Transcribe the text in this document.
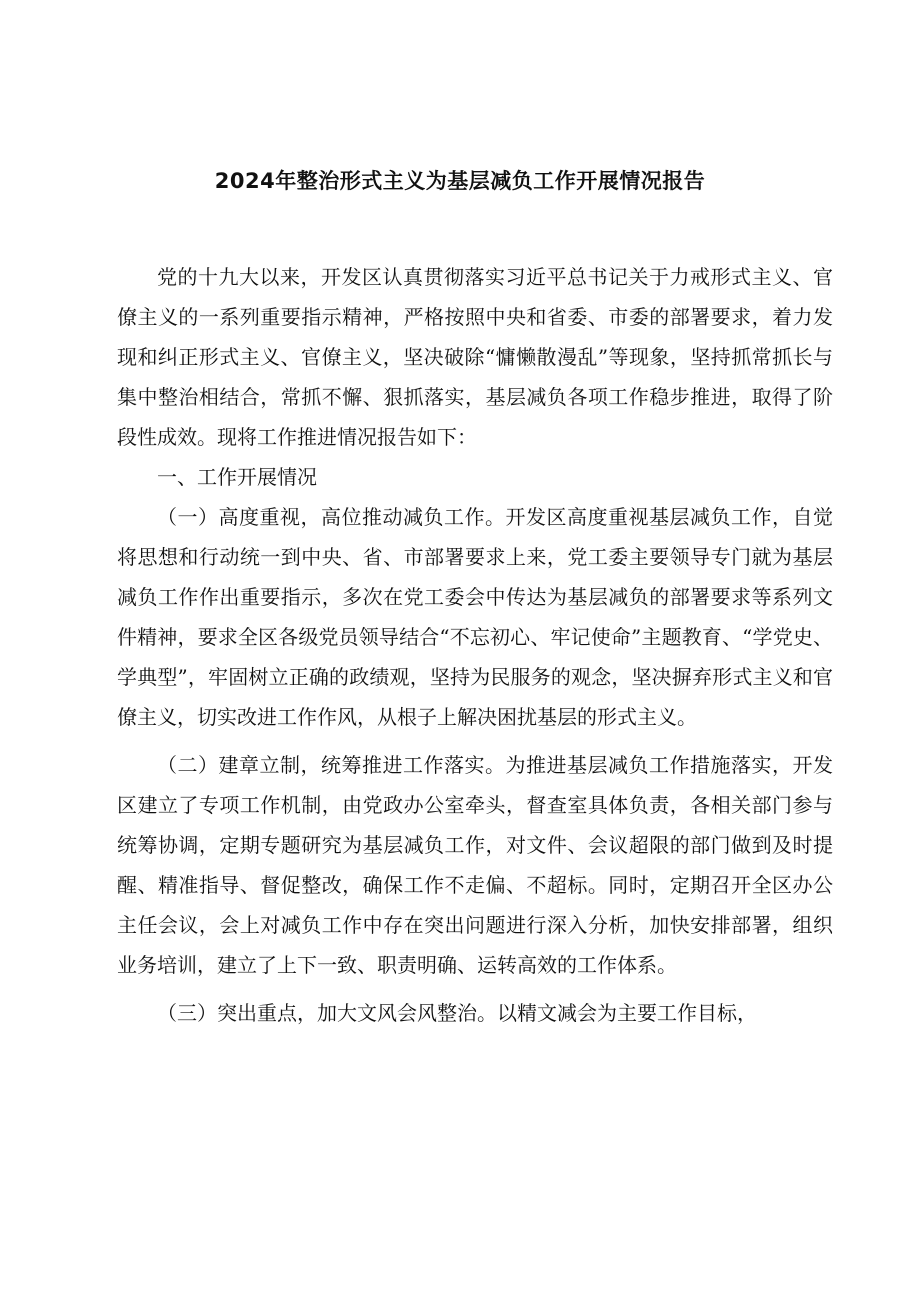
2024年整治形式主义为基层减负工作开展情况报告

党的十九大以来，开发区认真贯彻落实习近平总书记关于力戒形式主义、官僚主义的一系列重要指示精神，严格按照中央和省委、市委的部署要求，着力发现和纠正形式主义、官僚主义，坚决破除“慵懒散漫乱”等现象，坚持抓常抓长与集中整治相结合，常抓不懈、狠抓落实，基层减负各项工作稳步推进，取得了阶段性成效。现将工作推进情况报告如下：

一、工作开展情况

（一）高度重视，高位推动减负工作。开发区高度重视基层减负工作，自觉将思想和行动统一到中央、省、市部署要求上来，党工委主要领导专门就为基层减负工作作出重要指示，多次在党工委会中传达为基层减负的部署要求等系列文件精神，要求全区各级党员领导结合“不忘初心、牢记使命”主题教育、“学党史、学典型”，牢固树立正确的政绩观，坚持为民服务的观念，坚决摒弃形式主义和官僚主义，切实改进工作作风，从根子上解决困扰基层的形式主义。

（二）建章立制，统筹推进工作落实。为推进基层减负工作措施落实，开发区建立了专项工作机制，由党政办公室牵头，督查室具体负责，各相关部门参与统筹协调，定期专题研究为基层减负工作，对文件、会议超限的部门做到及时提醒、精准指导、督促整改，确保工作不走偏、不超标。同时，定期召开全区办公主任会议，会上对减负工作中存在突出问题进行深入分析，加快安排部署，组织业务培训，建立了上下一致、职责明确、运转高效的工作体系。

（三）突出重点，加大文风会风整治。以精文减会为主要工作目标，
